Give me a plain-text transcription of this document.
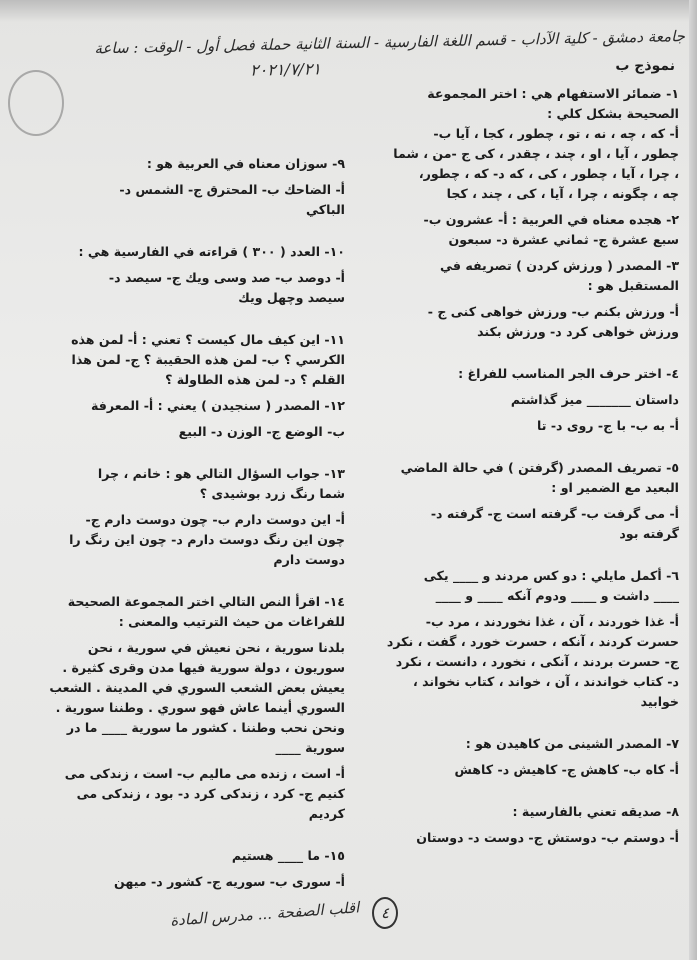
جامعة دمشق - كلية الآداب - قسم اللغة الفارسية - السنة الثانية حملة فصل أول - الوقت : ساعة
٢٠٢١/٧/٢١	نموذج ب

١- ضمائر الاستفهام هي : اختر المجموعة

الصحيحة بشكل كلي :

أ- كه ، چه ، نه ، تو ، چطور ، كجا ، آيا ب-

چطور ، آيا ، او ، چند ، چقدر ، كى ج -من ، شما

، چرا ، آيا ، چطور ، كى ، كه د- كه ، چطور،

چه ، چگونه ، چرا ، آيا ، كى ، چند ، كجا

٢- هجده معناه في العربية : أ- عشرون ب-

سبع عشرة ج- ثماني عشرة د- سبعون

٣- المصدر ( ورزش كردن ) تصريفه في

المستقبل هو :

أ- ورزش بكنم ب- ورزش خواهى كنى ج -

ورزش خواهى كرد د- ورزش بكند

٤- اختر حرف الجر المناسب للفراغ :

داستان _______ ميز گذاشتم

أ- به ب- با ج- روى د- تا

٥- تصريف المصدر (گرفتن ) في حالة الماضي

البعيد مع الضمير او :

أ- مى گرفت ب- گرفته است ج- گرفته د-

گرفته بود

٦- أكمل مايلي : دو كس مردند و ____ يكى

____ داشت و ____ ودوم آنكه ____ و ____

أ- غذا خوردند ، آن ، غذا نخوردند ، مرد ب-

حسرت كردند ، آنكه ، حسرت خورد ، گفت ، نكرد

ج- حسرت بردند ، آنكى ، نخورد ، دانست ، نكرد

د- كتاب خواندند ، آن ، خواند ، كتاب نخواند ،

خوابيد

٧- المصدر الشينى من كاهيدن هو :

أ- كاه ب- كاهش ج- كاهيش د- كاهش

٨- صديقه تعني بالفارسية :

أ- دوستم ب- دوستش ج- دوست د- دوستان

٩- سوزان معناه في العربية هو :

أ- الضاحك ب- المحترق ج- الشمس د-

الباكي

١٠- العدد ( ٣٠٠ ) قراءته في الفارسية هي :

أ- دوصد ب- صد وسى ويك ج- سيصد د-

سيصد وچهل ويك

١١- اين كيف مال كيست ؟ تعني : أ- لمن هذه

الكرسي ؟ ب- لمن هذه الحقيبة ؟ ج- لمن هذا

القلم ؟ د- لمن هذه الطاولة ؟

١٢- المصدر ( سنجيدن ) يعني : أ- المعرفة

ب- الوضع ج- الوزن د- البيع

١٣- جواب السؤال التالي هو : خانم ، چرا

شما رنگ زرد بوشيدى ؟

أ- اين دوست دارم ب- چون دوست دارم ج-

چون اين رنگ دوست دارم د- چون اين رنگ را

دوست دارم

١٤- اقرأ النص التالي اختر المجموعة الصحيحة

للفراغات من حيث الترتيب والمعنى :

بلدنا سورية ، نحن نعيش في سورية ، نحن

سوريون ، دولة سورية فيها مدن وقرى كثيرة .

يعيش بعض الشعب السوري في المدينة . الشعب

السوري أينما عاش فهو سوري . وطننا سورية .

ونحن نحب وطننا . كشور ما سورية ____ ما در

سورية ____

أ- است ، زنده مى ماليم ب- است ، زندكى مى

كنيم ج- كرد ، زندكى كرد د- بود ، زندكى مى

كرديم

١٥- ما ____ هستيم

أ- سورى ب- سوريه ج- كشور د- ميهن

٤
اقلب الصفحة ... مدرس المادة
